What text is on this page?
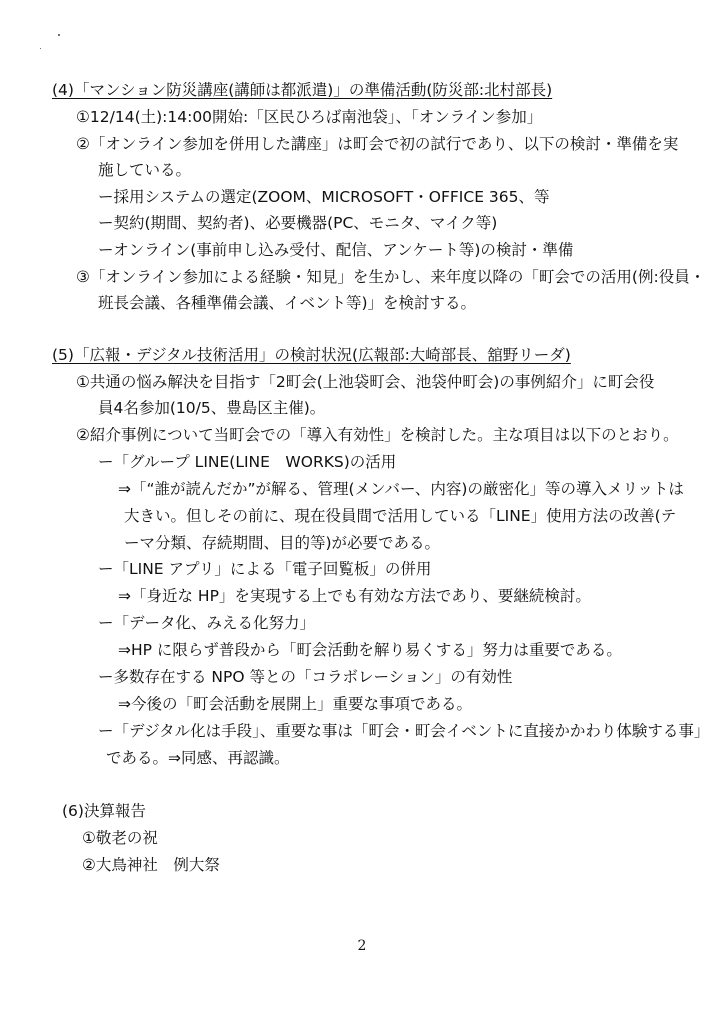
(4)「マンション防災講座(講師は都派遣)」の準備活動(防災部:北村部長)
①12/14(土):14:00開始:「区民ひろば南池袋」、「オンライン参加」
②「オンライン参加を併用した講座」は町会で初の試行であり、以下の検討・準備を実
施している。
ー採用システムの選定(ZOOM、MICROSOFT・OFFICE 365、等
ー契約(期間、契約者)、必要機器(PC、モニタ、マイク等)
ーオンライン(事前申し込み受付、配信、アンケート等)の検討・準備
③「オンライン参加による経験・知見」を生かし、来年度以降の「町会での活用(例:役員・
班長会議、各種準備会議、イベント等)」を検討する。
(5)「広報・デジタル技術活用」の検討状況(広報部:大崎部長、舘野リーダ)
①共通の悩み解決を目指す「2町会(上池袋町会、池袋仲町会)の事例紹介」に町会役
員4名参加(10/5、豊島区主催)。
②紹介事例について当町会での「導入有効性」を検討した。主な項目は以下のとおり。
ー「グループ LINE(LINE　WORKS)の活用
⇒「“誰が読んだか”が解る、管理(メンバー、内容)の厳密化」等の導入メリットは
大きい。但しその前に、現在役員間で活用している「LINE」使用方法の改善(テ
ーマ分類、存続期間、目的等)が必要である。
ー「LINE アプリ」による「電子回覧板」の併用
⇒「身近な HP」を実現する上でも有効な方法であり、要継続検討。
ー「データ化、みえる化努力」
⇒HP に限らず普段から「町会活動を解り易くする」努力は重要である。
ー多数存在する NPO 等との「コラボレーション」の有効性
⇒今後の「町会活動を展開上」重要な事項である。
ー「デジタル化は手段」、重要な事は「町会・町会イベントに直接かかわり体験する事」
である。⇒同感、再認識。
(6)決算報告
①敬老の祝
②大鳥神社　例大祭
2
